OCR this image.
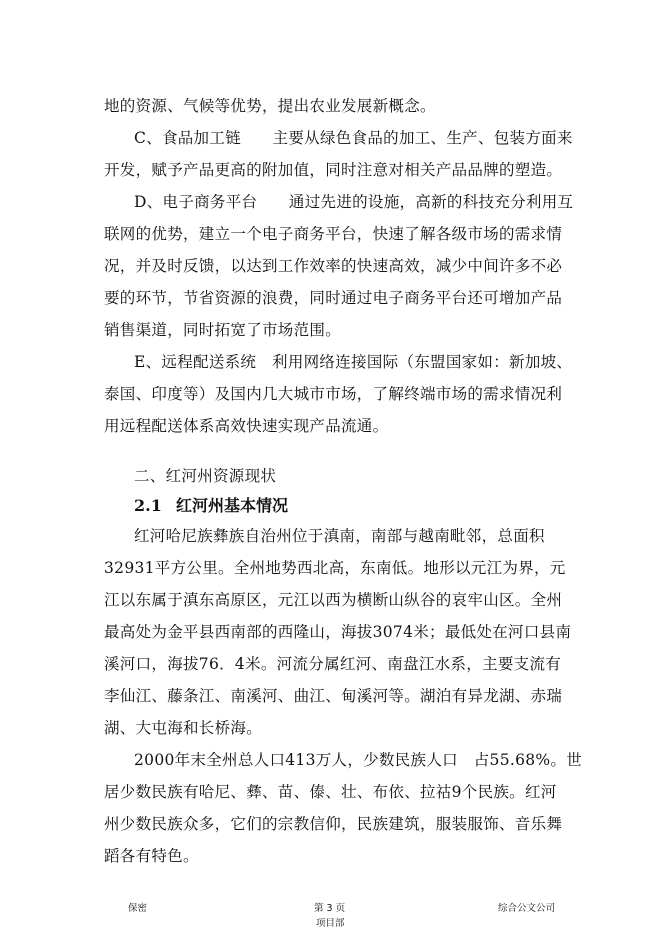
地的资源、气候等优势，提出农业发展新概念。
C、食品加工链　　主要从绿色食品的加工、生产、包装方面来
开发，赋予产品更高的附加值，同时注意对相关产品品牌的塑造。
D、电子商务平台　　通过先进的设施，高新的科技充分利用互
联网的优势，建立一个电子商务平台，快速了解各级市场的需求情
况，并及时反馈，以达到工作效率的快速高效，减少中间许多不必
要的环节，节省资源的浪费，同时通过电子商务平台还可增加产品
销售渠道，同时拓宽了市场范围。
E、远程配送系统　利用网络连接国际（东盟国家如：新加坡、
泰国、印度等）及国内几大城市市场，了解终端市场的需求情况利
用远程配送体系高效快速实现产品流通。
二、红河州资源现状
2.1 红河州基本情况
红河哈尼族彝族自治州位于滇南，南部与越南毗邻，总面积
32931平方公里。全州地势西北高，东南低。地形以元江为界，元
江以东属于滇东高原区，元江以西为横断山纵谷的哀牢山区。全州
最高处为金平县西南部的西隆山，海拔3074米；最低处在河口县南
溪河口，海拔76．4米。河流分属红河、南盘江水系，主要支流有
李仙江、藤条江、南溪河、曲江、甸溪河等。湖泊有异龙湖、赤瑞
湖、大屯海和长桥海。
2000年末全州总人口413万人，少数民族人口　占55.68%。世
居少数民族有哈尼、彝、苗、傣、壮、布依、拉祜9个民族。红河
州少数民族众多，它们的宗教信仰，民族建筑，服装服饰、音乐舞
蹈各有特色。
保密	第 3 页	综合公文公司
项目部
